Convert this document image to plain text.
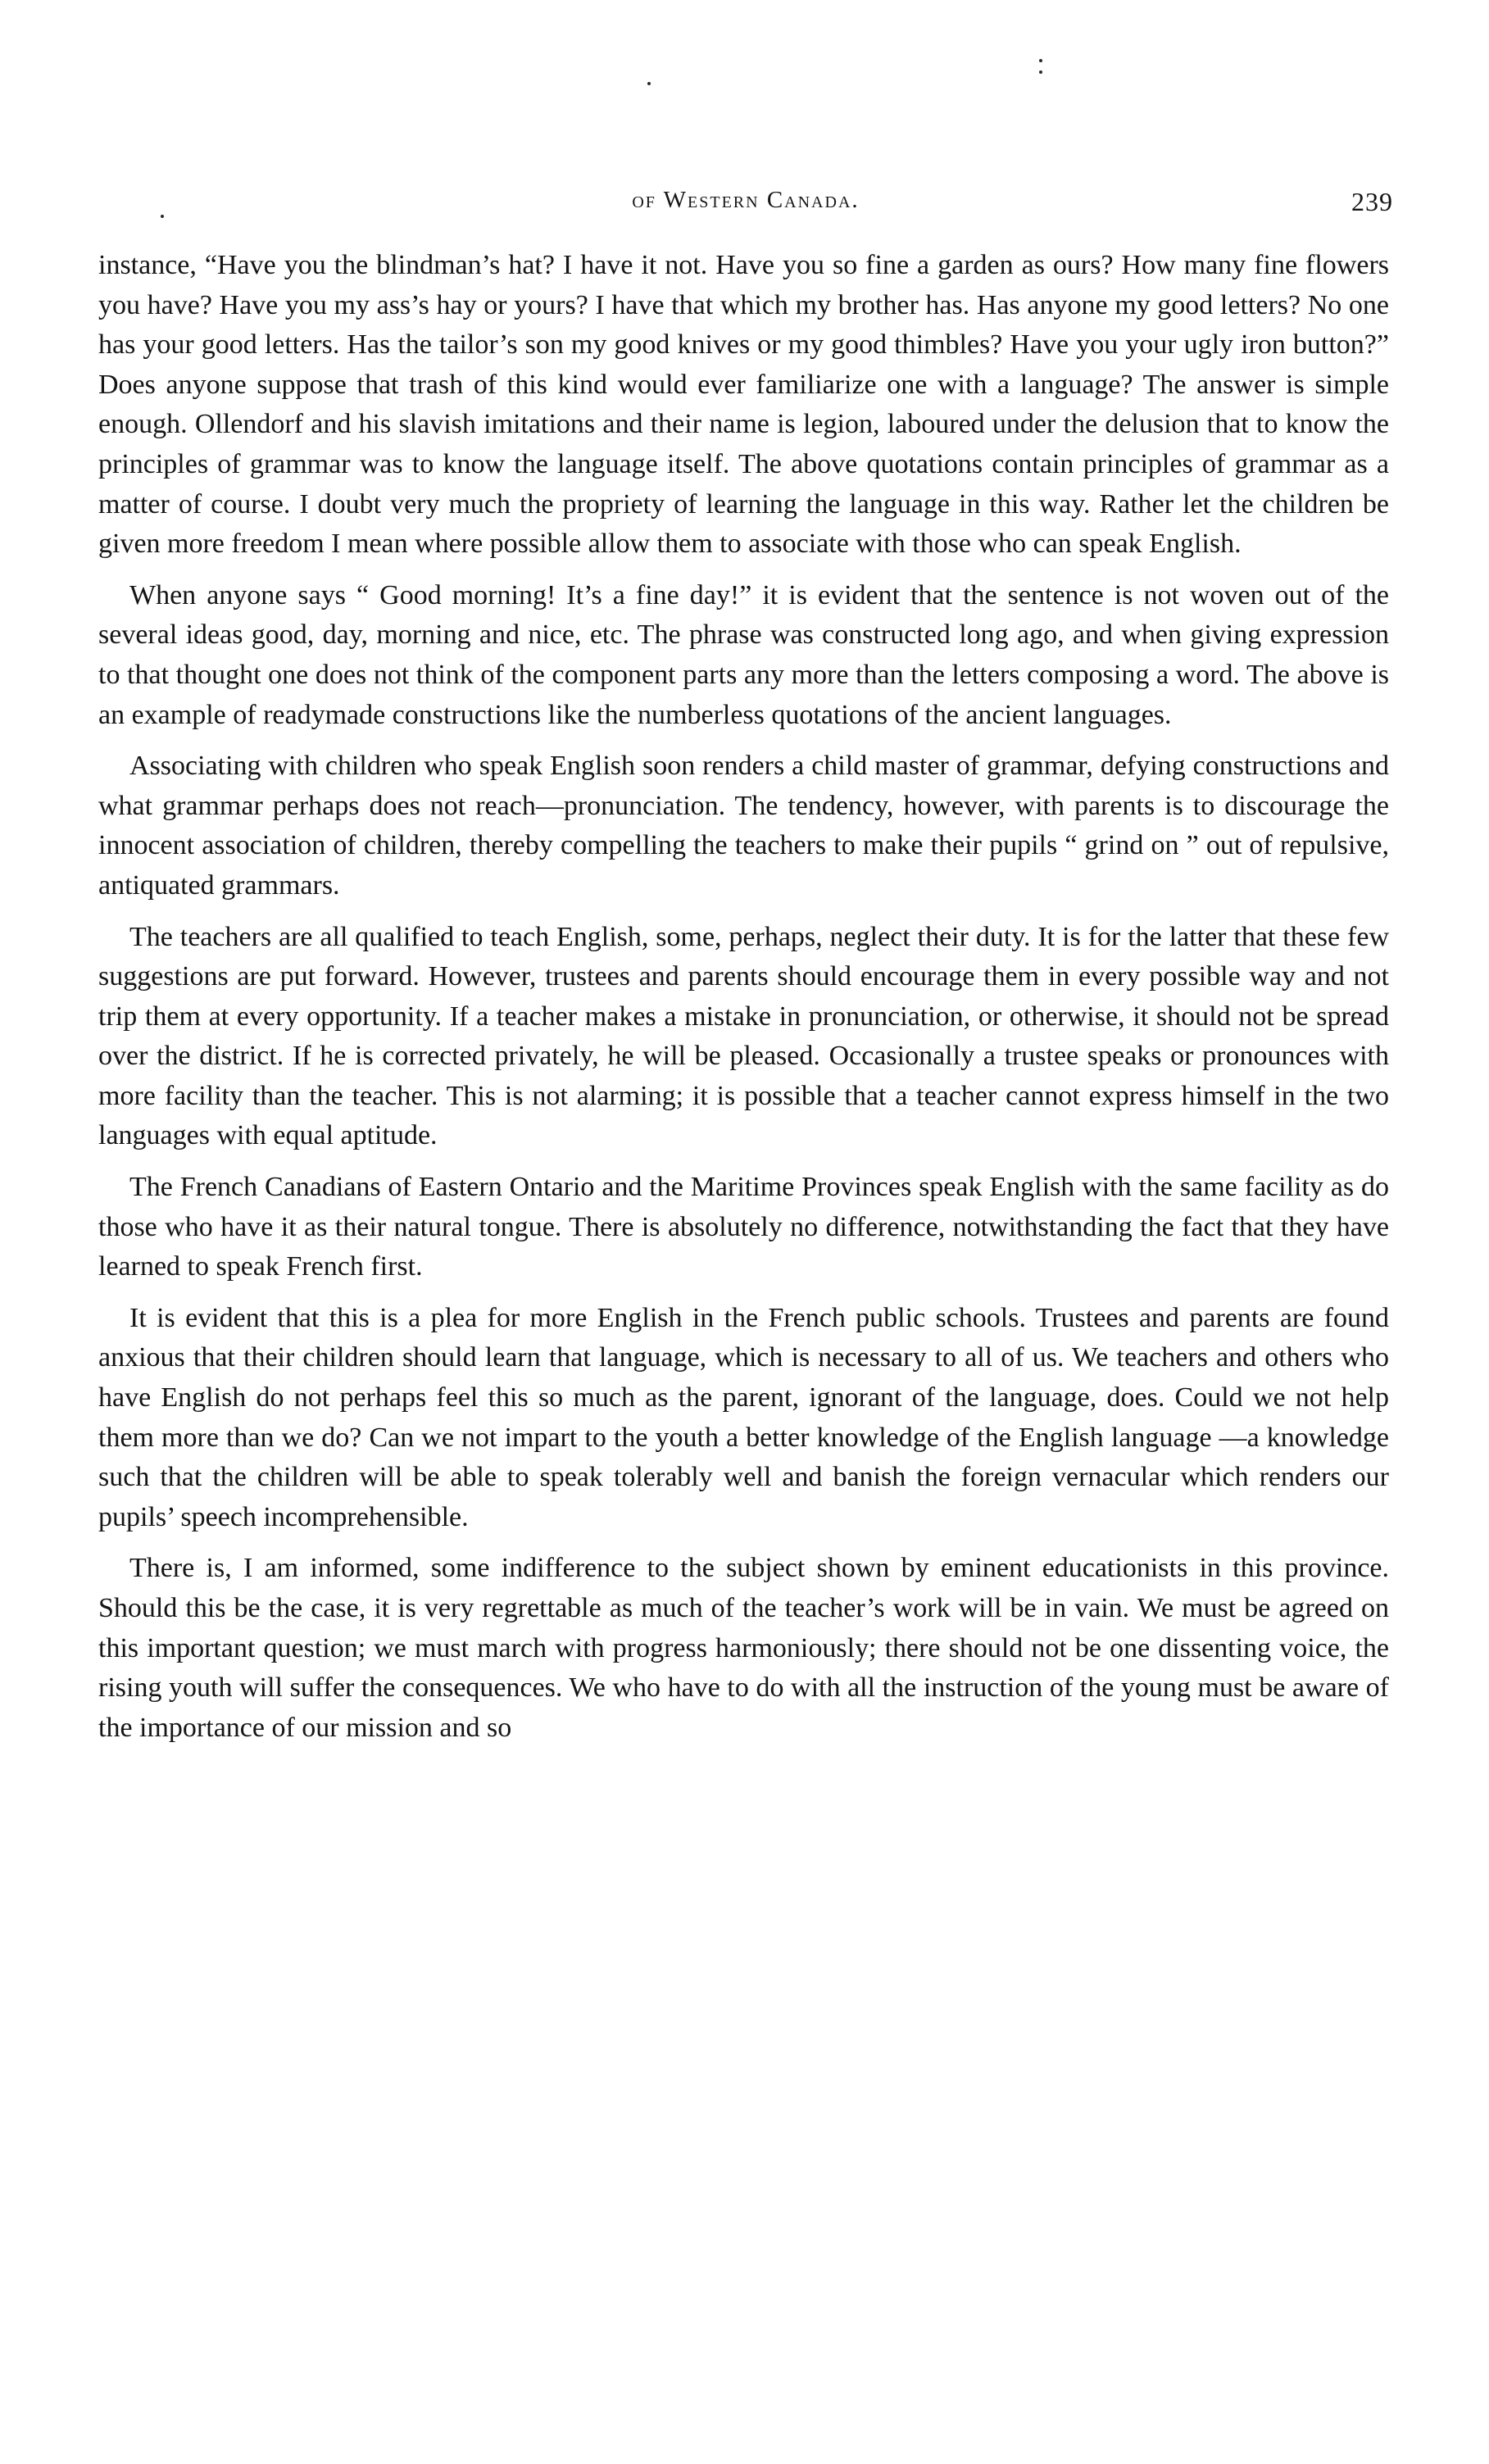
of Western Canada.	239

instance, “Have you the blindman’s hat? I have it not. Have you so fine a garden as ours? How many fine flowers you have? Have you my ass’s hay or yours? I have that which my brother has. Has anyone my good letters? No one has your good letters. Has the tailor’s son my good knives or my good thimbles? Have you your ugly iron button?” Does anyone suppose that trash of this kind would ever familiarize one with a language? The answer is simple enough. Ollendorf and his slavish imitations and their name is legion, laboured under the delusion that to know the principles of grammar was to know the language itself. The above quotations contain principles of grammar as a matter of course. I doubt very much the propriety of learning the language in this way. Rather let the children be given more freedom I mean where possible allow them to associate with those who can speak English.

When anyone says “ Good morning! It’s a fine day!” it is evident that the sentence is not woven out of the several ideas good, day, morning and nice, etc. The phrase was constructed long ago, and when giving expression to that thought one does not think of the component parts any more than the letters composing a word. The above is an example of readymade constructions like the numberless quotations of the ancient languages.

Associating with children who speak English soon renders a child master of grammar, defying constructions and what grammar perhaps does not reach—pronunciation. The tendency, however, with parents is to discourage the innocent association of children, thereby compelling the teachers to make their pupils “ grind on ” out of repulsive, antiquated grammars.

The teachers are all qualified to teach English, some, perhaps, neglect their duty. It is for the latter that these few suggestions are put forward. However, trustees and parents should encourage them in every possible way and not trip them at every opportunity. If a teacher makes a mistake in pronunciation, or otherwise, it should not be spread over the district. If he is corrected privately, he will be pleased. Occasionally a trustee speaks or pronounces with more facility than the teacher. This is not alarming; it is possible that a teacher cannot express himself in the two languages with equal aptitude.

The French Canadians of Eastern Ontario and the Maritime Provinces speak English with the same facility as do those who have it as their natural tongue. There is absolutely no difference, notwithstanding the fact that they have learned to speak French first.

It is evident that this is a plea for more English in the French public schools. Trustees and parents are found anxious that their children should learn that language, which is necessary to all of us. We teachers and others who have English do not perhaps feel this so much as the parent, ignorant of the language, does. Could we not help them more than we do? Can we not impart to the youth a better knowledge of the English language —a knowledge such that the children will be able to speak tolerably well and banish the foreign vernacular which renders our pupils’ speech incomprehensible.

There is, I am informed, some indifference to the subject shown by eminent educationists in this province. Should this be the case, it is very regrettable as much of the teacher’s work will be in vain. We must be agreed on this important question; we must march with progress harmoniously; there should not be one dissenting voice, the rising youth will suffer the consequences. We who have to do with all the instruction of the young must be aware of the importance of our mission and so
